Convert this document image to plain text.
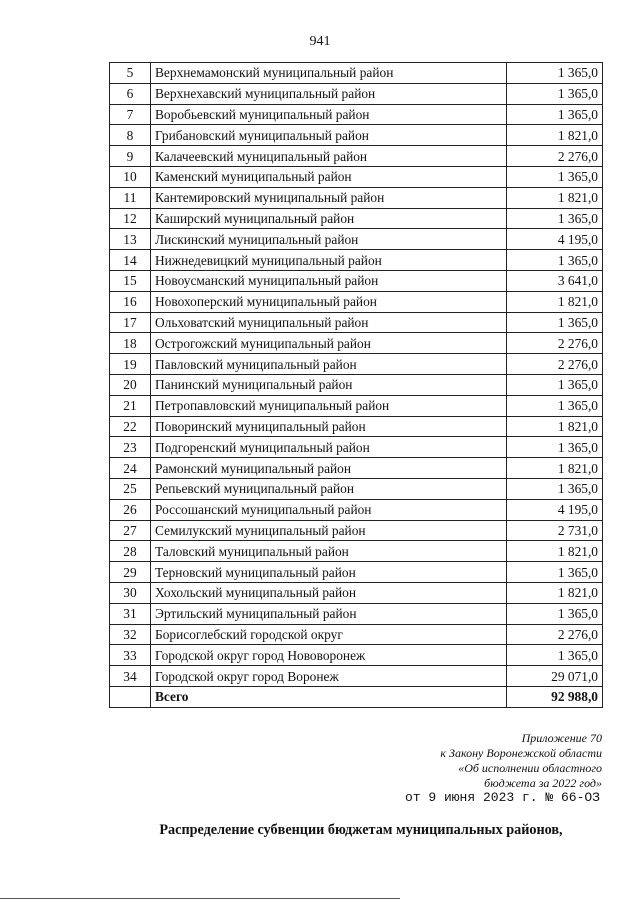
941
5	Верхнемамонский муниципальный район	1 365,0
6	Верхнехавский муниципальный район	1 365,0
7	Воробьевский муниципальный район	1 365,0
8	Грибановский муниципальный район	1 821,0
9	Калачеевский муниципальный район	2 276,0
10	Каменский муниципальный район	1 365,0
11	Кантемировский муниципальный район	1 821,0
12	Каширский муниципальный район	1 365,0
13	Лискинский муниципальный район	4 195,0
14	Нижнедевицкий муниципальный район	1 365,0
15	Новоусманский муниципальный район	3 641,0
16	Новохоперский муниципальный район	1 821,0
17	Ольховатский муниципальный район	1 365,0
18	Острогожский муниципальный район	2 276,0
19	Павловский муниципальный район	2 276,0
20	Панинский муниципальный район	1 365,0
21	Петропавловский муниципальный район	1 365,0
22	Поворинский муниципальный район	1 821,0
23	Подгоренский муниципальный район	1 365,0
24	Рамонский муниципальный район	1 821,0
25	Репьевский муниципальный район	1 365,0
26	Россошанский муниципальный район	4 195,0
27	Семилукский муниципальный район	2 731,0
28	Таловский муниципальный район	1 821,0
29	Терновский муниципальный район	1 365,0
30	Хохольский муниципальный район	1 821,0
31	Эртильский муниципальный район	1 365,0
32	Борисоглебский городской округ	2 276,0
33	Городской округ город Нововоронеж	1 365,0
34	Городской округ город Воронеж	29 071,0
	Всего	92 988,0
Приложение 70
к Закону Воронежской области
«Об исполнении областного
бюджета за 2022 год»
от 9 июня 2023 г. № 66-ОЗ
Распределение субвенции бюджетам муниципальных районов,
